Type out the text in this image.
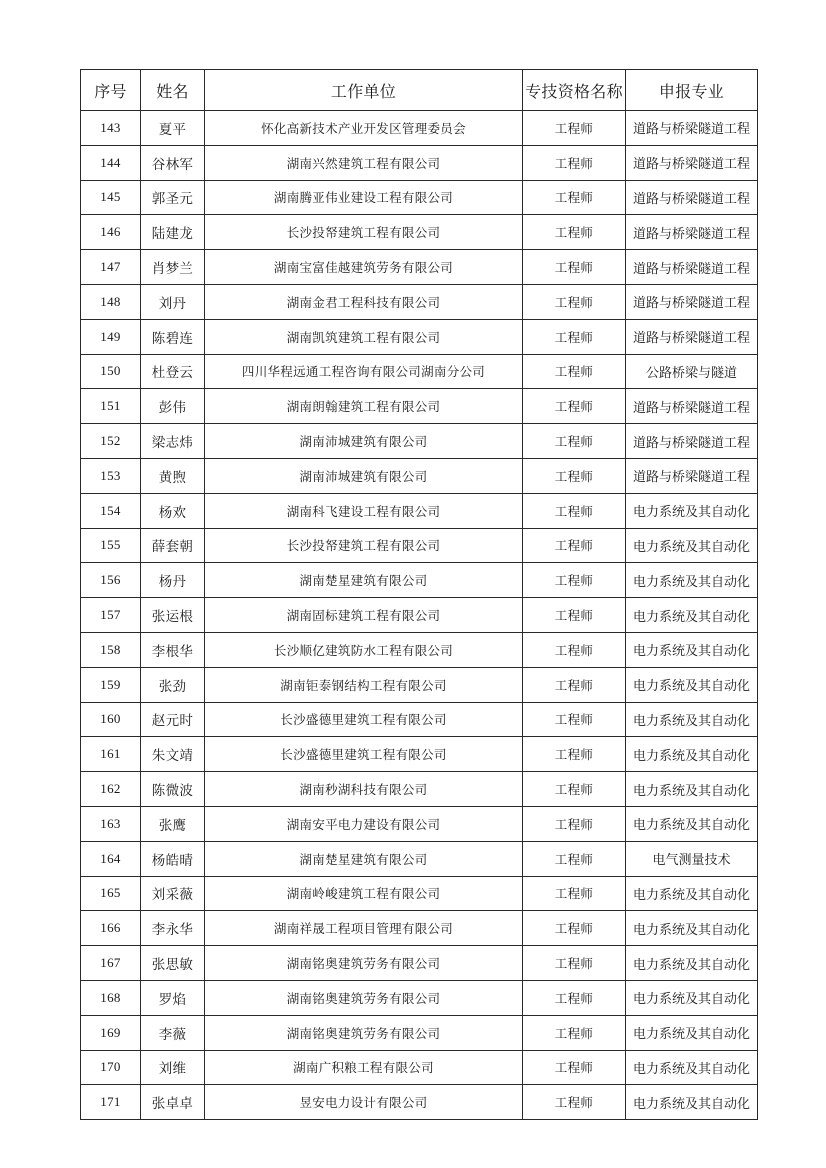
序号	姓名	工作单位	专技资格名称	申报专业
143	夏平	怀化高新技术产业开发区管理委员会	工程师	道路与桥梁隧道工程
144	谷林军	湖南兴然建筑工程有限公司	工程师	道路与桥梁隧道工程
145	郭圣元	湖南腾亚伟业建设工程有限公司	工程师	道路与桥梁隧道工程
146	陆建龙	长沙投帑建筑工程有限公司	工程师	道路与桥梁隧道工程
147	肖梦兰	湖南宝富佳越建筑劳务有限公司	工程师	道路与桥梁隧道工程
148	刘丹	湖南金君工程科技有限公司	工程师	道路与桥梁隧道工程
149	陈碧连	湖南凯筑建筑工程有限公司	工程师	道路与桥梁隧道工程
150	杜登云	四川华程远通工程咨询有限公司湖南分公司	工程师	公路桥梁与隧道
151	彭伟	湖南朗翰建筑工程有限公司	工程师	道路与桥梁隧道工程
152	梁志炜	湖南沛城建筑有限公司	工程师	道路与桥梁隧道工程
153	黄煦	湖南沛城建筑有限公司	工程师	道路与桥梁隧道工程
154	杨欢	湖南科飞建设工程有限公司	工程师	电力系统及其自动化
155	薛套朝	长沙投帑建筑工程有限公司	工程师	电力系统及其自动化
156	杨丹	湖南楚星建筑有限公司	工程师	电力系统及其自动化
157	张运根	湖南固标建筑工程有限公司	工程师	电力系统及其自动化
158	李根华	长沙顺亿建筑防水工程有限公司	工程师	电力系统及其自动化
159	张劲	湖南钜泰钢结构工程有限公司	工程师	电力系统及其自动化
160	赵元时	长沙盛德里建筑工程有限公司	工程师	电力系统及其自动化
161	朱文靖	长沙盛德里建筑工程有限公司	工程师	电力系统及其自动化
162	陈微波	湖南秒湖科技有限公司	工程师	电力系统及其自动化
163	张鹰	湖南安平电力建设有限公司	工程师	电力系统及其自动化
164	杨皓晴	湖南楚星建筑有限公司	工程师	电气测量技术
165	刘采薇	湖南岭峻建筑工程有限公司	工程师	电力系统及其自动化
166	李永华	湖南祥晟工程项目管理有限公司	工程师	电力系统及其自动化
167	张思敏	湖南铭奥建筑劳务有限公司	工程师	电力系统及其自动化
168	罗焰	湖南铭奥建筑劳务有限公司	工程师	电力系统及其自动化
169	李薇	湖南铭奥建筑劳务有限公司	工程师	电力系统及其自动化
170	刘维	湖南广积粮工程有限公司	工程师	电力系统及其自动化
171	张卓卓	昱安电力设计有限公司	工程师	电力系统及其自动化
